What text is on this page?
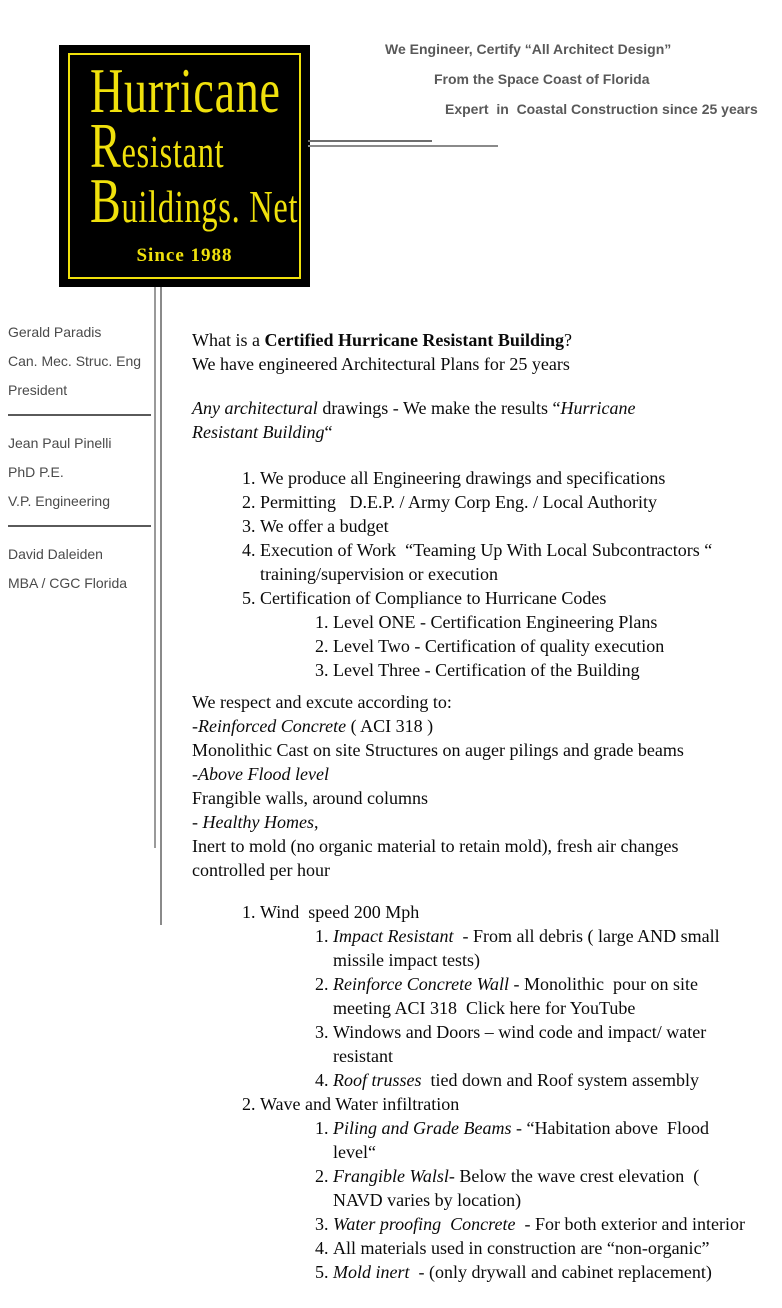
Hurricane
Resistant
Buildings. Net
Since 1988
We Engineer, Certify “All Architect Design”
From the Space Coast of Florida
Expert  in  Coastal Construction since 25 years
Gerald Paradis
Can. Mec. Struc. Eng
President
Jean Paul Pinelli
PhD P.E.
V.P. Engineering
David Daleiden
MBA / CGC Florida
What is a Certified Hurricane Resistant Building?
We have engineered Architectural Plans for 25 years
Any architectural drawings - We make the results “Hurricane
Resistant Building“
1. We produce all Engineering drawings and specifications
2. Permitting   D.E.P. / Army Corp Eng. / Local Authority
3. We offer a budget
4. Execution of Work  “Teaming Up With Local Subcontractors “
training/supervision or execution
5. Certification of Compliance to Hurricane Codes
1. Level ONE - Certification Engineering Plans
2. Level Two - Certification of quality execution
3. Level Three - Certification of the Building
We respect and excute according to:
-Reinforced Concrete ( ACI 318 )
Monolithic Cast on site Structures on auger pilings and grade beams
-Above Flood level
Frangible walls, around columns
- Healthy Homes,
Inert to mold (no organic material to retain mold), fresh air changes
controlled per hour
1. Wind  speed 200 Mph
1. Impact Resistant  - From all debris ( large AND small
missile impact tests)
2. Reinforce Concrete Wall - Monolithic  pour on site
meeting ACI 318  Click here for YouTube
3. Windows and Doors – wind code and impact/ water
resistant
4. Roof trusses  tied down and Roof system assembly
2. Wave and Water infiltration
1. Piling and Grade Beams - “Habitation above  Flood
level“
2. Frangible Walsl- Below the wave crest elevation  (
NAVD varies by location)
3. Water proofing  Concrete  - For both exterior and interior
4. All materials used in construction are “non-organic”
5. Mold inert  - (only drywall and cabinet replacement)
